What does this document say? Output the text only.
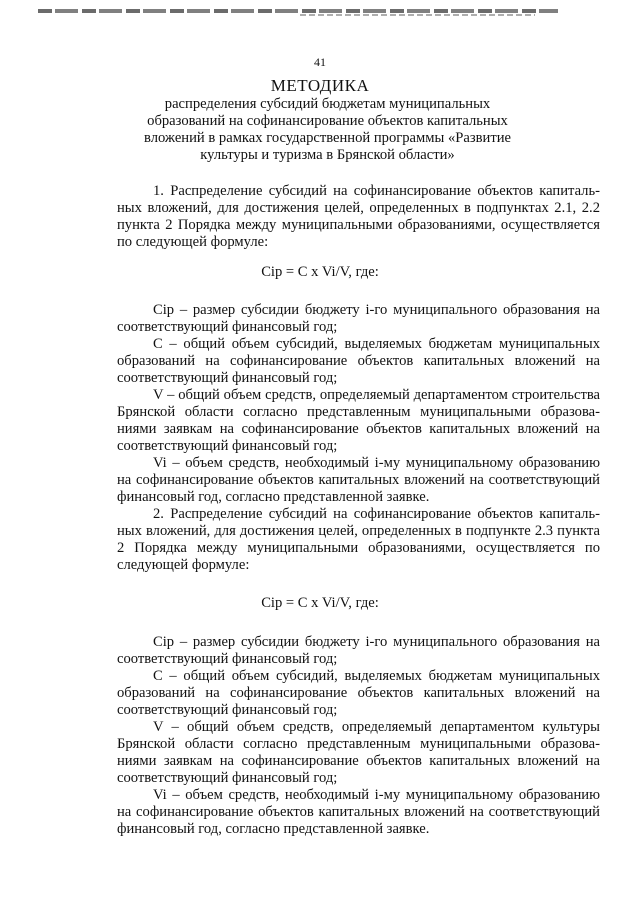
41
МЕТОДИКА
распределения субсидий бюджетам муниципальных образований на софинансирование объектов капитальных вложений в рамках государственной программы «Развитие культуры и туризма в Брянской области»

1. Распределение субсидий на софинансирование объектов капитальных вложений, для достижения целей, определенных в подпунктах 2.1, 2.2 пункта 2 Порядка между муниципальными образованиями, осуществляется по следующей формуле:

Cip = C x Vi/V, где:

Cip – размер субсидии бюджету i-го муниципального образования на соответствующий финансовый год;

C – общий объем субсидий, выделяемых бюджетам муниципальных образований на софинансирование объектов капитальных вложений на соответствующий финансовый год;

V – общий объем средств, определяемый департаментом строительства Брянской области согласно представленным муниципальными образованиями заявкам на софинансирование объектов капитальных вложений на соответствующий финансовый год;

Vi – объем средств, необходимый i-му муниципальному образованию на софинансирование объектов капитальных вложений на соответствующий финансовый год, согласно представленной заявке.

2. Распределение субсидий на софинансирование объектов капитальных вложений, для достижения целей, определенных в подпункте 2.3 пункта 2 Порядка между муниципальными образованиями, осуществляется по следующей формуле:

Cip = C x Vi/V, где:

Cip – размер субсидии бюджету i-го муниципального образования на соответствующий финансовый год;

C – общий объем субсидий, выделяемых бюджетам муниципальных образований на софинансирование объектов капитальных вложений на соответствующий финансовый год;

V – общий объем средств, определяемый департаментом культуры Брянской области согласно представленным муниципальными образованиями заявкам на софинансирование объектов капитальных вложений на соответствующий финансовый год;

Vi – объем средств, необходимый i-му муниципальному образованию на софинансирование объектов капитальных вложений на соответствующий финансовый год, согласно представленной заявке.
